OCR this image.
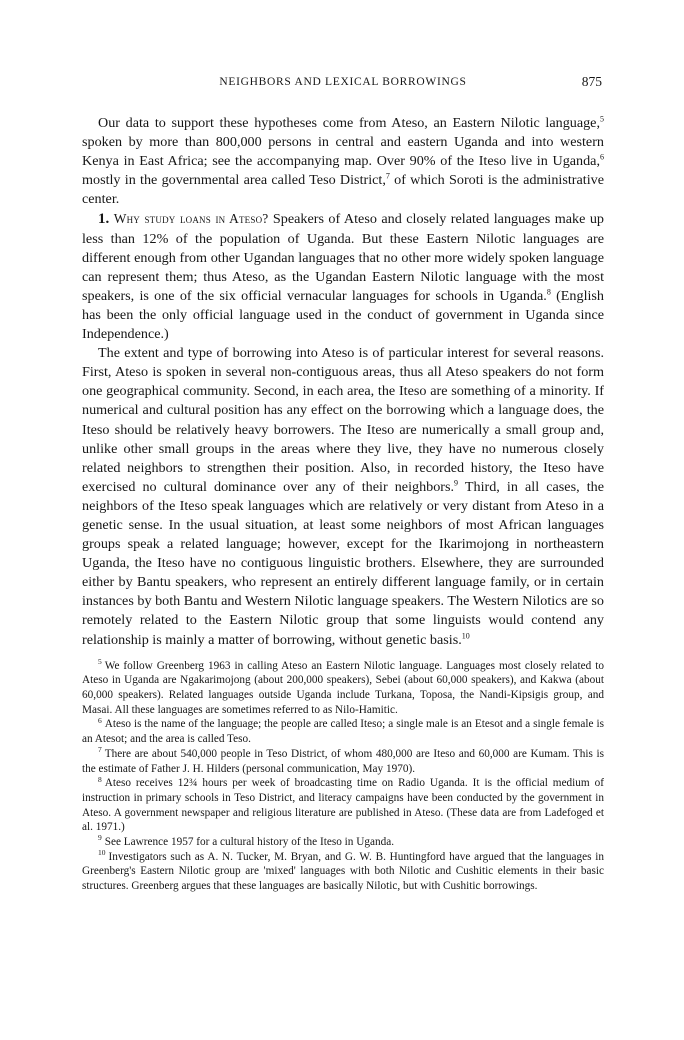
NEIGHBORS AND LEXICAL BORROWINGS	875

Our data to support these hypotheses come from Ateso, an Eastern Nilotic language,$^5$ spoken by more than 800,000 persons in central and eastern Uganda and into western Kenya in East Africa; see the accompanying map. Over 90% of the Iteso live in Uganda,$^6$ mostly in the governmental area called Teso District,$^7$ of which Soroti is the administrative center.

1. Why study loans in Ateso? Speakers of Ateso and closely related languages make up less than 12% of the population of Uganda. But these Eastern Nilotic languages are different enough from other Ugandan languages that no other more widely spoken language can represent them; thus Ateso, as the Ugandan Eastern Nilotic language with the most speakers, is one of the six official vernacular languages for schools in Uganda.$^8$ (English has been the only official language used in the conduct of government in Uganda since Independence.)

The extent and type of borrowing into Ateso is of particular interest for several reasons. First, Ateso is spoken in several non-contiguous areas, thus all Ateso speakers do not form one geographical community. Second, in each area, the Iteso are something of a minority. If numerical and cultural position has any effect on the borrowing which a language does, the Iteso should be relatively heavy borrowers. The Iteso are numerically a small group and, unlike other small groups in the areas where they live, they have no numerous closely related neighbors to strengthen their position. Also, in recorded history, the Iteso have exercised no cultural dominance over any of their neighbors.$^9$ Third, in all cases, the neighbors of the Iteso speak languages which are relatively or very distant from Ateso in a genetic sense. In the usual situation, at least some neighbors of most African languages groups speak a related language; however, except for the Ikarimojong in northeastern Uganda, the Iteso have no contiguous linguistic brothers. Elsewhere, they are surrounded either by Bantu speakers, who represent an entirely different language family, or in certain instances by both Bantu and Western Nilotic language speakers. The Western Nilotics are so remotely related to the Eastern Nilotic group that some linguists would contend any relationship is mainly a matter of borrowing, without genetic basis.$^{10}$

$^5$ We follow Greenberg 1963 in calling Ateso an Eastern Nilotic language. Languages most closely related to Ateso in Uganda are Ngakarimojong (about 200,000 speakers), Sebei (about 60,000 speakers), and Kakwa (about 60,000 speakers). Related languages outside Uganda include Turkana, Toposa, the Nandi-Kipsigis group, and Masai. All these languages are sometimes referred to as Nilo-Hamitic.

$^6$ Ateso is the name of the language; the people are called Iteso; a single male is an Etesot and a single female is an Atesot; and the area is called Teso.

$^7$ There are about 540,000 people in Teso District, of whom 480,000 are Iteso and 60,000 are Kumam. This is the estimate of Father J. H. Hilders (personal communication, May 1970).

$^8$ Ateso receives 12¾ hours per week of broadcasting time on Radio Uganda. It is the official medium of instruction in primary schools in Teso District, and literacy campaigns have been conducted by the government in Ateso. A government newspaper and religious literature are published in Ateso. (These data are from Ladefoged et al. 1971.)

$^9$ See Lawrence 1957 for a cultural history of the Iteso in Uganda.

$^{10}$ Investigators such as A. N. Tucker, M. Bryan, and G. W. B. Huntingford have argued that the languages in Greenberg's Eastern Nilotic group are 'mixed' languages with both Nilotic and Cushitic elements in their basic structures. Greenberg argues that these languages are basically Nilotic, but with Cushitic borrowings.
